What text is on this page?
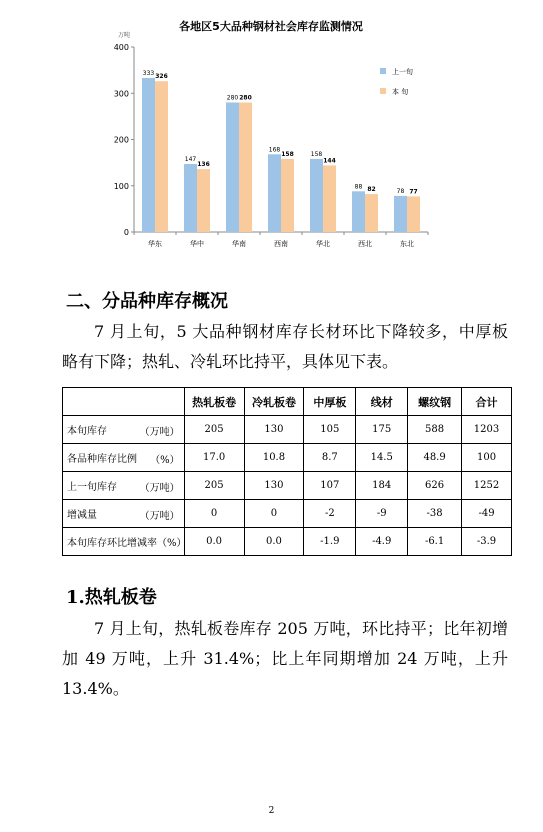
各地区5大品种钢材社会库存监测情况
万吨
0
100
200
300
400
333 326
华东
147
136
华中
280 280
华南
168
158
西南
158
144
华北
88 82
西北
78 77
东北
上一旬
本 旬
二、分品种库存概况

7 月上旬，5 大品种钢材库存长材环比下降较多，中厚板略有下降；热轧、冷轧环比持平，具体见下表。

	热轧板卷	冷轧板卷	中厚板	线材	螺纹钢	合计
本旬库存 （万吨）	205	130	105	175	588	1203
各品种库存比例 （%）	17.0	10.8	8.7	14.5	48.9	100
上一旬库存 （万吨）	205	130	107	184	626	1252
增减量 （万吨）	0	0	-2	-9	-38	-49
本旬库存环比增减率（%）	0.0	0.0	-1.9	-4.9	-6.1	-3.9
1.热轧板卷

7 月上旬，热轧板卷库存 205 万吨，环比持平；比年初增加 49 万吨，上升 31.4%；比上年同期增加 24 万吨，上升 13.4%。

2
